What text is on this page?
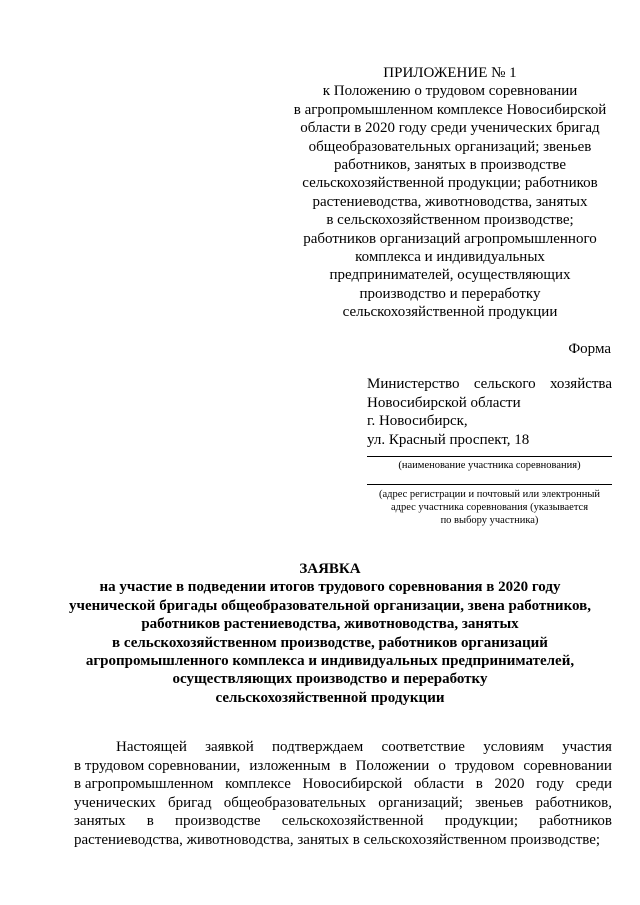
ПРИЛОЖЕНИЕ № 1
к Положению о трудовом соревновании
в агропромышленном комплексе Новосибирской
области в 2020 году среди ученических бригад
общеобразовательных организаций; звеньев
работников, занятых в производстве
сельскохозяйственной продукции; работников
растениеводства, животноводства, занятых
в сельскохозяйственном производстве;
работников организаций агропромышленного
комплекса и индивидуальных
предпринимателей, осуществляющих
производство и переработку
сельскохозяйственной продукции
Форма
Министерство сельского хозяйства
Новосибирской области
г. Новосибирск,
ул. Красный проспект, 18
(наименование участника соревнования)
(адрес регистрации и почтовый или электронный
адрес участника соревнования (указывается
по выбору участника)
ЗАЯВКА
на участие в подведении итогов трудового соревнования в 2020 году
ученической бригады общеобразовательной организации, звена работников,
работников растениеводства, животноводства, занятых
в сельскохозяйственном производстве, работников организаций
агропромышленного комплекса и индивидуальных предпринимателей,
осуществляющих производство и переработку
сельскохозяйственной продукции
Настоящей заявкой подтверждаем соответствие условиям участия
в трудовом соревновании, изложенным в Положении о трудовом соревновании
в агропромышленном комплексе Новосибирской области в 2020 году среди
ученических бригад общеобразовательных организаций; звеньев работников,
занятых в производстве сельскохозяйственной продукции; работников
растениеводства, животноводства, занятых в сельскохозяйственном производстве;
